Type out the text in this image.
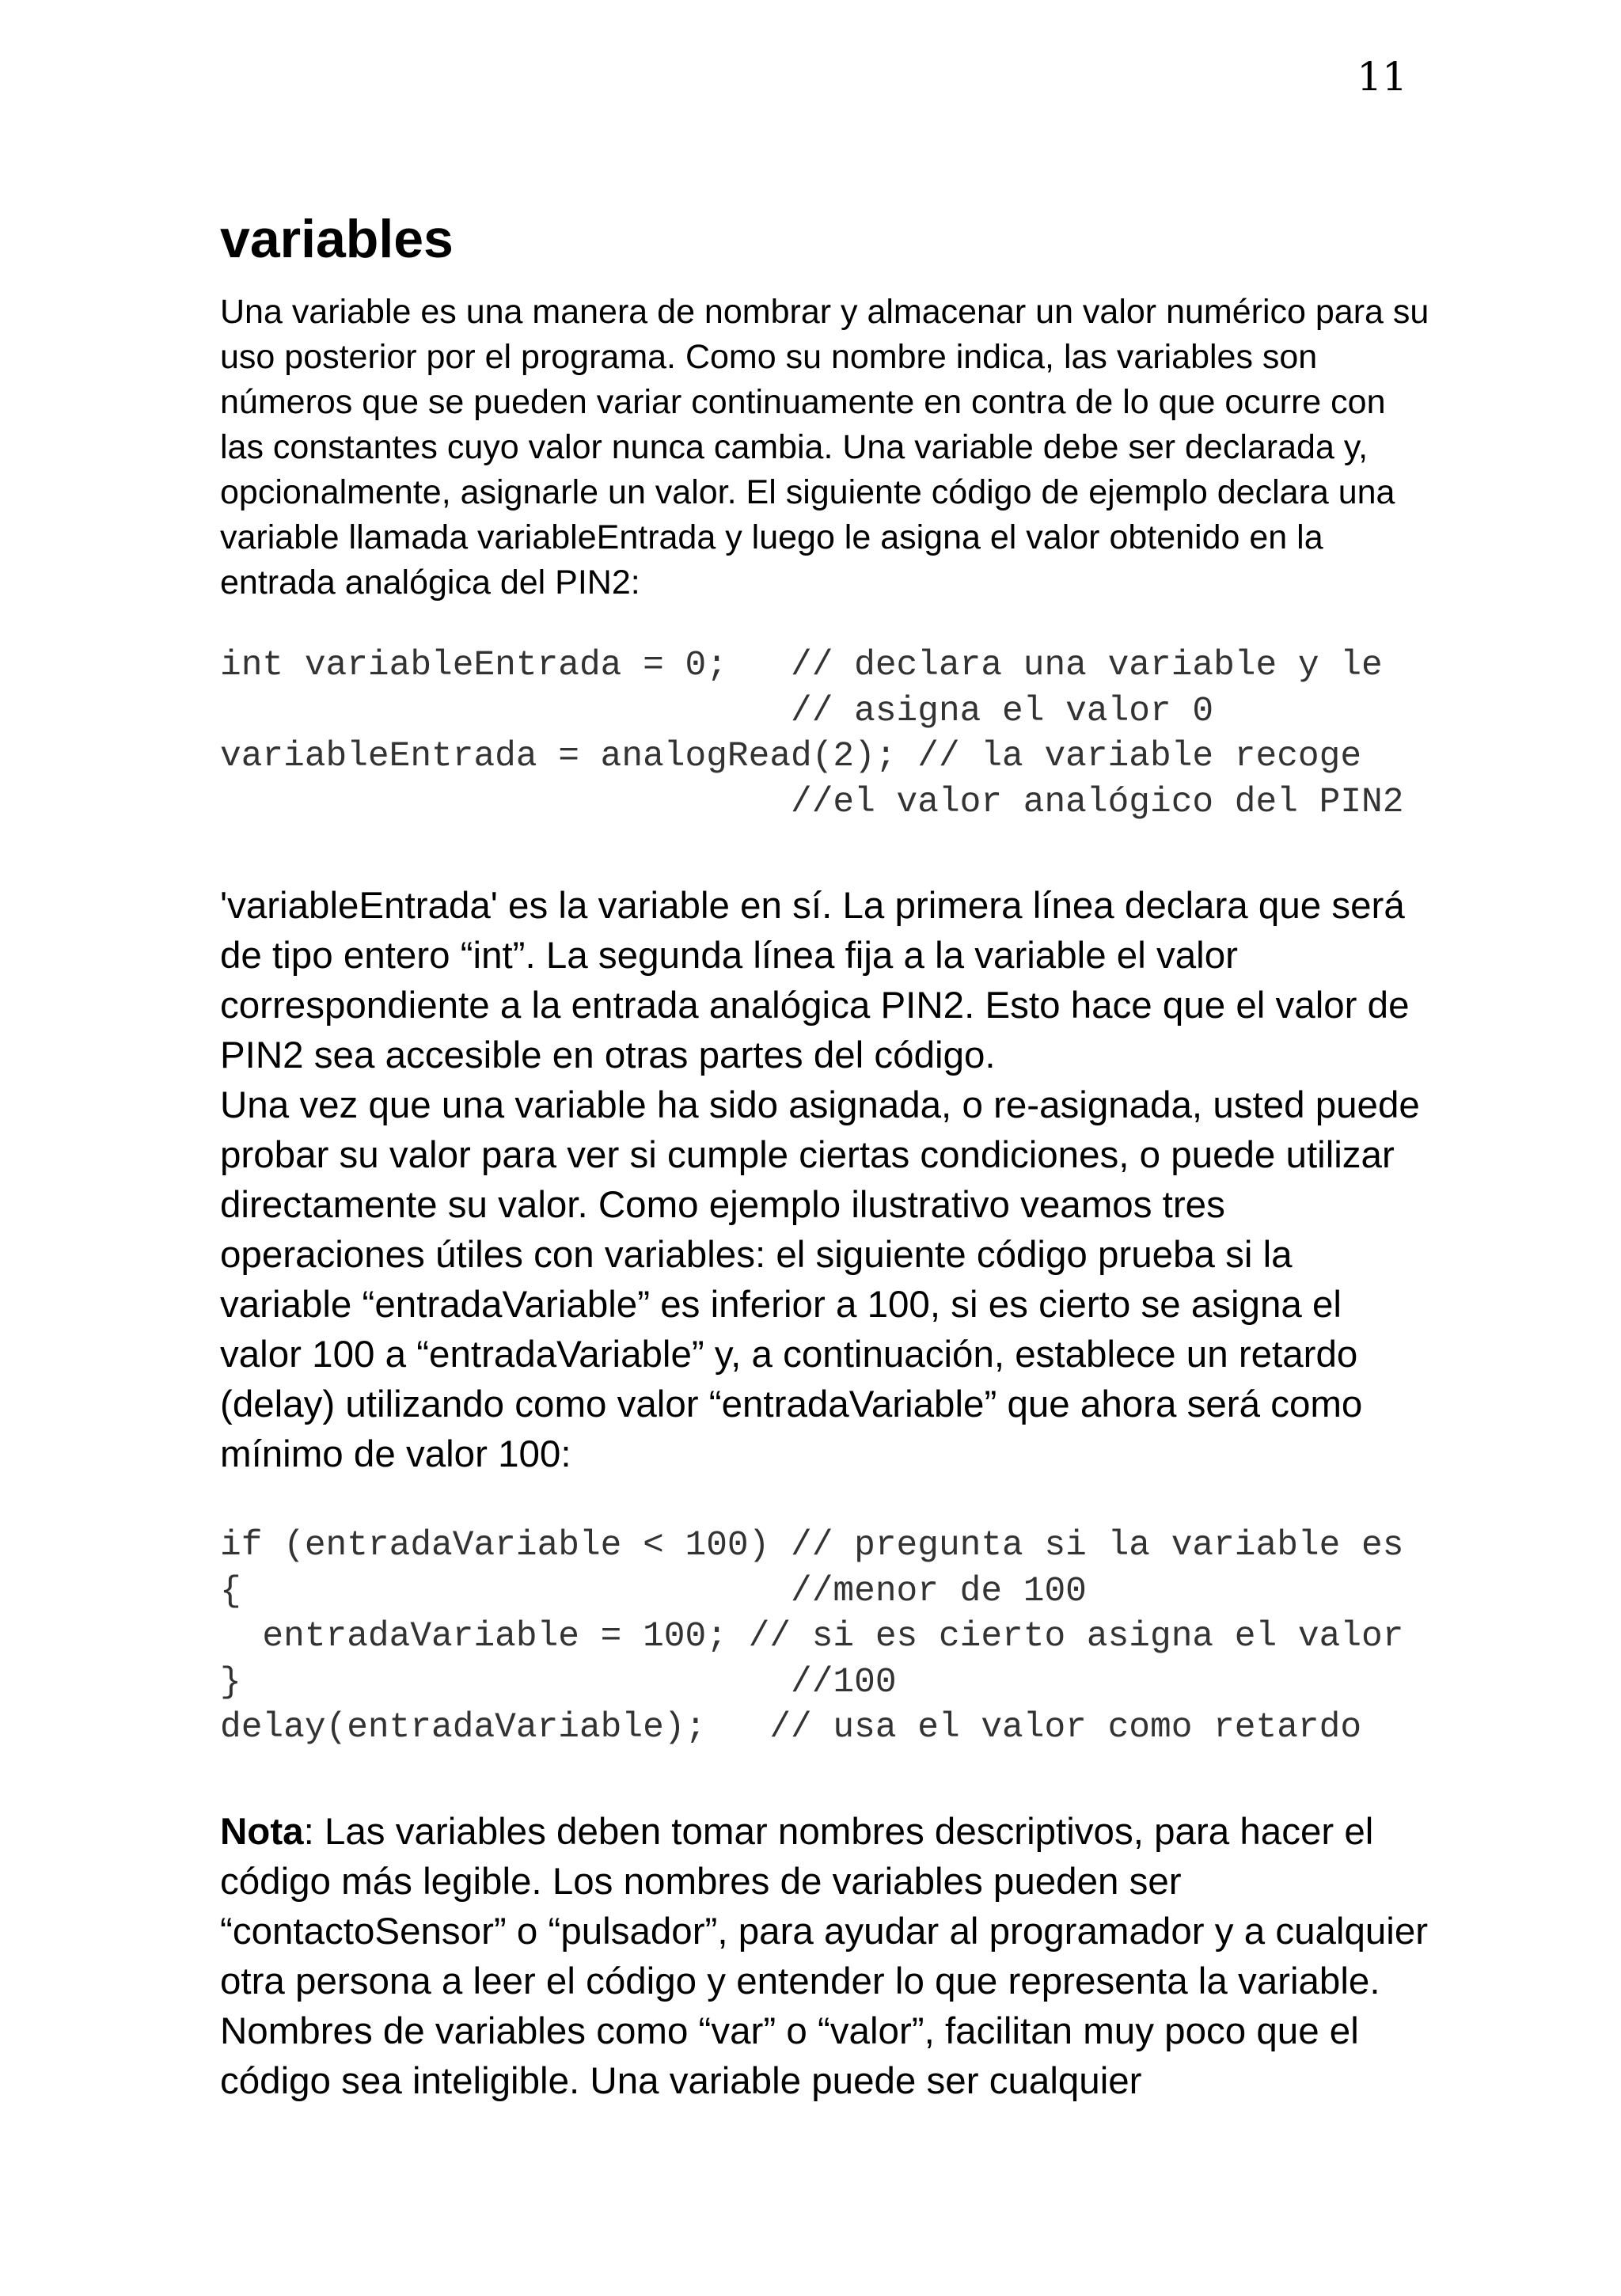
11
variables

Una variable es una manera de nombrar y almacenar un valor numérico para su uso posterior por el programa. Como su nombre indica, las variables son números que se pueden variar continuamente en contra de lo que ocurre con las constantes cuyo valor nunca cambia. Una variable debe ser declarada y, opcionalmente, asignarle un valor. El siguiente código de ejemplo declara una variable llamada variableEntrada y luego le asigna el valor obtenido en la entrada analógica del PIN2:

int variableEntrada = 0;   // declara una variable y le
// asigna el valor 0
variableEntrada = analogRead(2); // la variable recoge
//el valor analógico del PIN2

'variableEntrada' es la variable en sí. La primera línea declara que será de tipo entero “int”. La segunda línea fija a la variable el valor correspondiente a la entrada analógica PIN2. Esto hace que el valor de PIN2 sea accesible en otras partes del código.

Una vez que una variable ha sido asignada, o re-asignada, usted puede probar su valor para ver si cumple ciertas condiciones, o puede utilizar directamente su valor. Como ejemplo ilustrativo veamos tres operaciones útiles con variables: el siguiente código prueba si la variable “entradaVariable” es inferior a 100, si es cierto se asigna el valor 100 a “entradaVariable” y, a continuación, establece un retardo (delay) utilizando como valor “entradaVariable” que ahora será como mínimo de valor 100:

if (entradaVariable < 100) // pregunta si la variable es
{                          //menor de 100
entradaVariable = 100; // si es cierto asigna el valor
}                          //100
delay(entradaVariable);   // usa el valor como retardo

Nota: Las variables deben tomar nombres descriptivos, para hacer el código más legible. Los nombres de variables pueden ser “contactoSensor” o “pulsador”, para ayudar al programador y a cualquier otra persona a leer el código y entender lo que representa la variable. Nombres de variables como “var” o “valor”, facilitan muy poco que el código sea inteligible. Una variable puede ser cualquier
